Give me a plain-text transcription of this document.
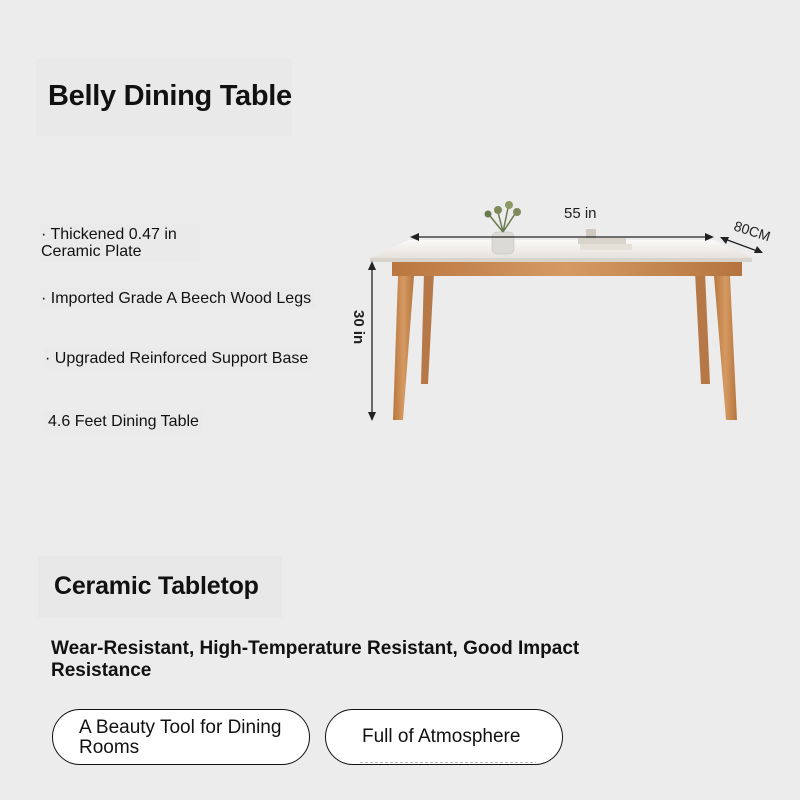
Belly Dining Table
· Thickened 0.47 in Ceramic Plate
· Imported Grade A Beech Wood Legs
· Upgraded Reinforced Support Base
4.6 Feet Dining Table
55 in
80CM
30 in
Ceramic Tabletop

Wear-Resistant, High-Temperature Resistant, Good Impact Resistance

A Beauty Tool for Dining Rooms
Full of Atmosphere
